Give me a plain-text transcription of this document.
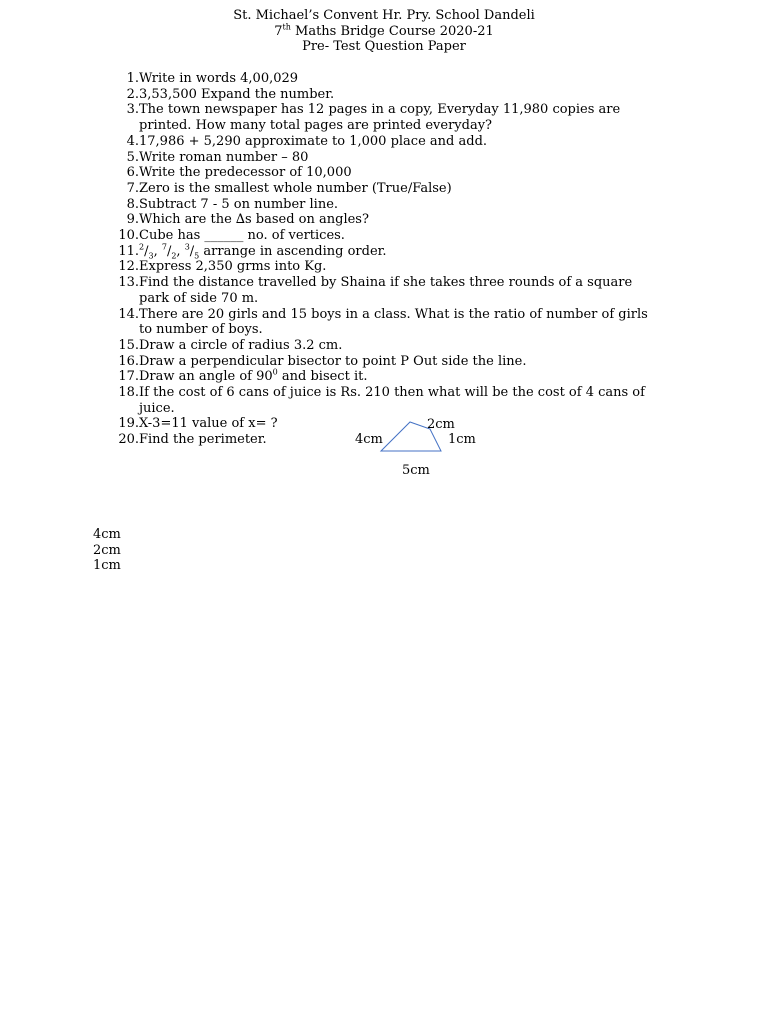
St. Michael’s Convent Hr. Pry. School Dandeli
7th Maths Bridge Course 2020-21
Pre- Test Question Paper
1. Write in words 4,00,029
2. 3,53,500 Expand the number.
3. The town newspaper has 12 pages in a copy, Everyday 11,980 copies are
printed. How many total pages are printed everyday?
4. 17,986 + 5,290 approximate to 1,000 place and add.
5. Write roman number – 80
6. Write the predecessor of 10,000
7. Zero is the smallest whole number (True/False)
8. Subtract 7 - 5 on number line.
9. Which are the ∆s based on angles?
10. Cube has ______ no. of vertices.
11. $^2/_3$, $^7/_2$, $^3/_5$ arrange in ascending order.
12. Express 2,350 grms into Kg.
13. Find the distance travelled by Shaina if she takes three rounds of a square
park of side 70 m.
14. There are 20 girls and 15 boys in a class. What is the ratio of number of girls
to number of boys.
15. Draw a circle of radius 3.2 cm.
16. Draw a perpendicular bisector to point P Out side the line.
17. Draw an angle of $90^0$ and bisect it.
18. If the cost of 6 cans of juice is Rs. 210 then what will be the cost of 4 cans of
juice.
19. X-3=11 value of x= ?
20. Find the perimeter.
2cm
4cm	1cm
5cm
4cm
2cm
1cm
